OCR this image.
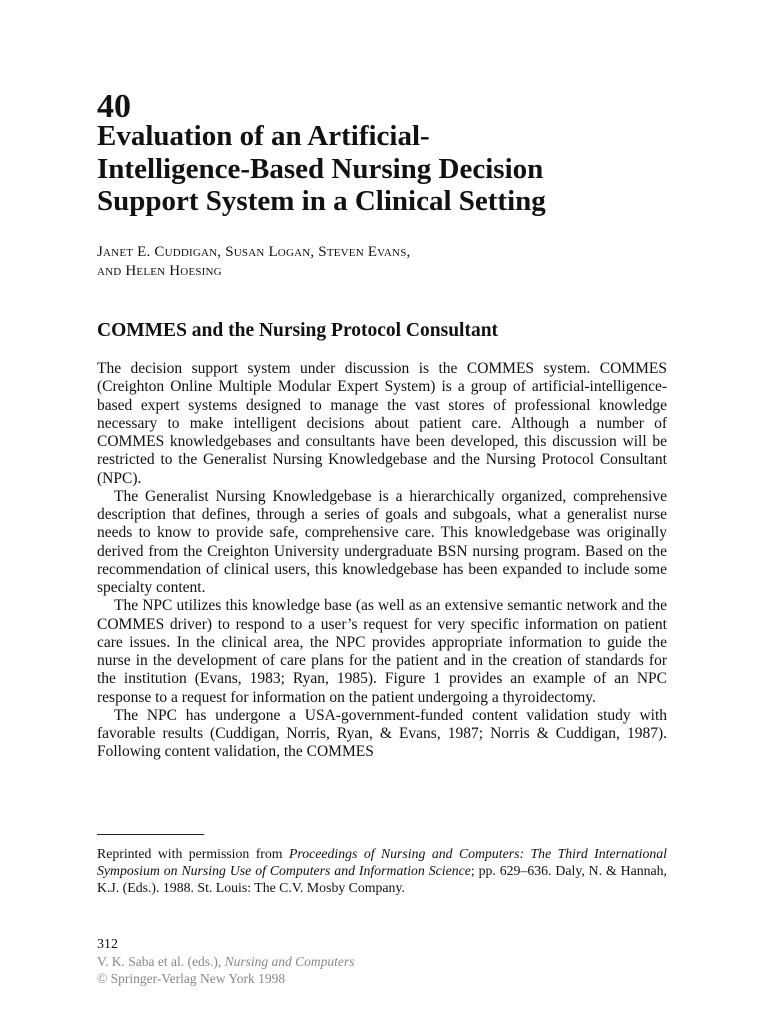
40
Evaluation of an Artificial-
Intelligence-Based Nursing Decision
Support System in a Clinical Setting
Janet E. Cuddigan, Susan Logan, Steven Evans,
and Helen Hoesing
COMMES and the Nursing Protocol Consultant

The decision support system under discussion is the COMMES system. COMMES (Creighton Online Multiple Modular Expert System) is a group of artificial-intelligence-based expert systems designed to manage the vast stores of professional knowledge necessary to make intelligent decisions about patient care. Although a number of COMMES knowledgebases and consultants have been developed, this discussion will be restricted to the Generalist Nursing Knowledgebase and the Nursing Protocol Consultant (NPC).

The Generalist Nursing Knowledgebase is a hierarchically organized, comprehensive description that defines, through a series of goals and subgoals, what a generalist nurse needs to know to provide safe, comprehensive care. This knowledgebase was originally derived from the Creighton University undergraduate BSN nursing program. Based on the recommendation of clinical users, this knowledgebase has been expanded to include some specialty content.

The NPC utilizes this knowledge base (as well as an extensive semantic network and the COMMES driver) to respond to a user’s request for very specific information on patient care issues. In the clinical area, the NPC provides appropriate information to guide the nurse in the development of care plans for the patient and in the creation of standards for the institution (Evans, 1983; Ryan, 1985). Figure 1 provides an example of an NPC response to a request for information on the patient undergoing a thyroidectomy.

The NPC has undergone a USA-government-funded content validation study with favorable results (Cuddigan, Norris, Ryan, & Evans, 1987; Norris & Cuddigan, 1987). Following content validation, the COMMES

Reprinted with permission from Proceedings of Nursing and Computers: The Third International Symposium on Nursing Use of Computers and Information Science; pp. 629–636. Daly, N. & Hannah, K.J. (Eds.). 1988. St. Louis: The C.V. Mosby Company.
312
V. K. Saba et al. (eds.), Nursing and Computers
© Springer-Verlag New York 1998
